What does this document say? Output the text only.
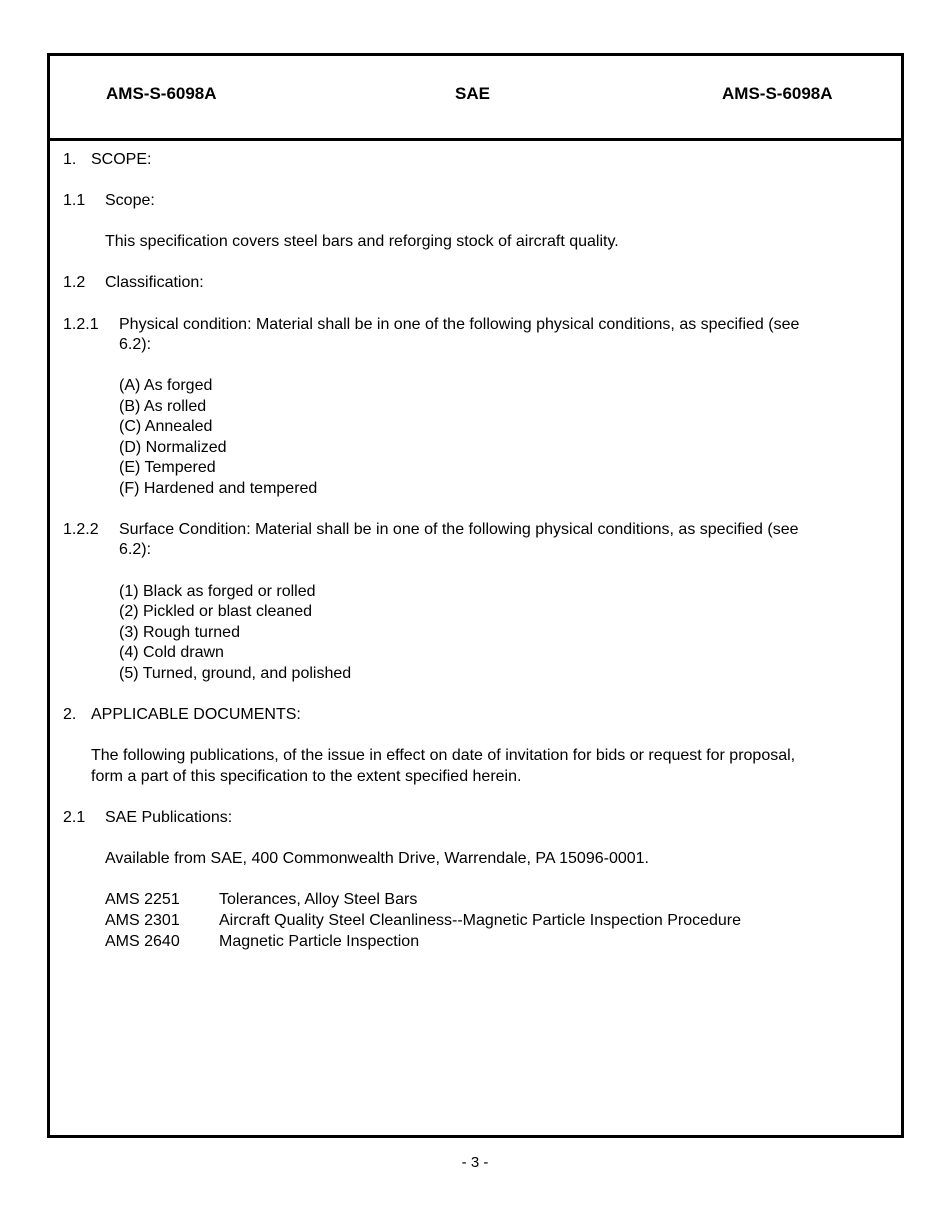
AMS-S-6098A	SAE	AMS-S-6098A
1. SCOPE:
1.1 Scope:
This specification covers steel bars and reforging stock of aircraft quality.
1.2 Classification:
1.2.1 Physical condition: Material shall be in one of the following physical conditions, as specified (see
6.2):
(A) As forged
(B) As rolled
(C) Annealed
(D) Normalized
(E) Tempered
(F) Hardened and tempered
1.2.2 Surface Condition: Material shall be in one of the following physical conditions, as specified (see
6.2):
(1) Black as forged or rolled
(2) Pickled or blast cleaned
(3) Rough turned
(4) Cold drawn
(5) Turned, ground, and polished
2. APPLICABLE DOCUMENTS:
The following publications, of the issue in effect on date of invitation for bids or request for proposal,
form a part of this specification to the extent specified herein.
2.1 SAE Publications:
Available from SAE, 400 Commonwealth Drive, Warrendale, PA 15096-0001.
AMS 2251 Tolerances, Alloy Steel Bars
AMS 2301 Aircraft Quality Steel Cleanliness--Magnetic Particle Inspection Procedure
AMS 2640 Magnetic Particle Inspection
- 3 -
